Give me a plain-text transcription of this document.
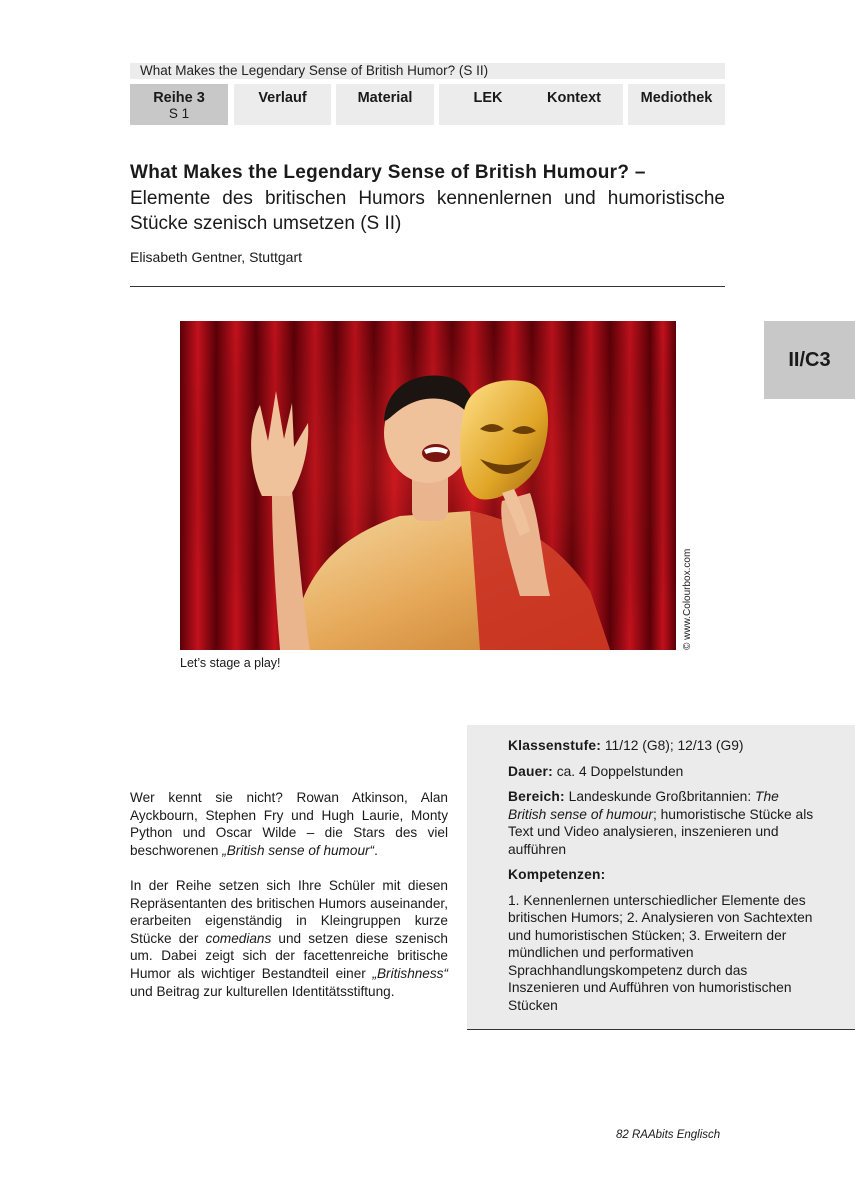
What Makes the Legendary Sense of British Humor? (S II)
Reihe 3
S 1
Verlauf	Material	LEK	Kontext	Mediothek
What Makes the Legendary Sense of British Humour? –
Elemente des britischen Humors kennenlernen und humoristische Stücke szenisch umsetzen (S II)
Elisabeth Gentner, Stuttgart
II/C3
© www.Colourbox.com
Let’s stage a play!

Wer kennt sie nicht? Rowan Atkinson, Alan Ayckbourn, Stephen Fry und Hugh Laurie, Monty Python und Oscar Wilde – die Stars des viel beschworenen „British sense of humour“.

In der Reihe setzen sich Ihre Schüler mit diesen Repräsentanten des britischen Humors auseinander, erarbeiten eigenständig in Kleingruppen kurze Stücke der comedians und setzen diese szenisch um. Dabei zeigt sich der facettenreiche britische Humor als wichtiger Bestandteil einer „Britishness“ und Beitrag zur kulturellen Identitätsstiftung.

Klassenstufe: 11/12 (G8); 12/13 (G9)

Dauer: ca. 4 Doppelstunden

Bereich: Landeskunde Großbritannien: The British sense of humour; humoristische Stücke als Text und Video analysieren, inszenieren und aufführen

Kompetenzen:

1. Kennenlernen unterschiedlicher Elemente des britischen Humors; 2. Analysieren von Sachtexten und humoristischen Stücken; 3. Erweitern der mündlichen und performativen Sprachhandlungskompetenz durch das Inszenieren und Aufführen von humoristischen Stücken

82 RAAbits Englisch
